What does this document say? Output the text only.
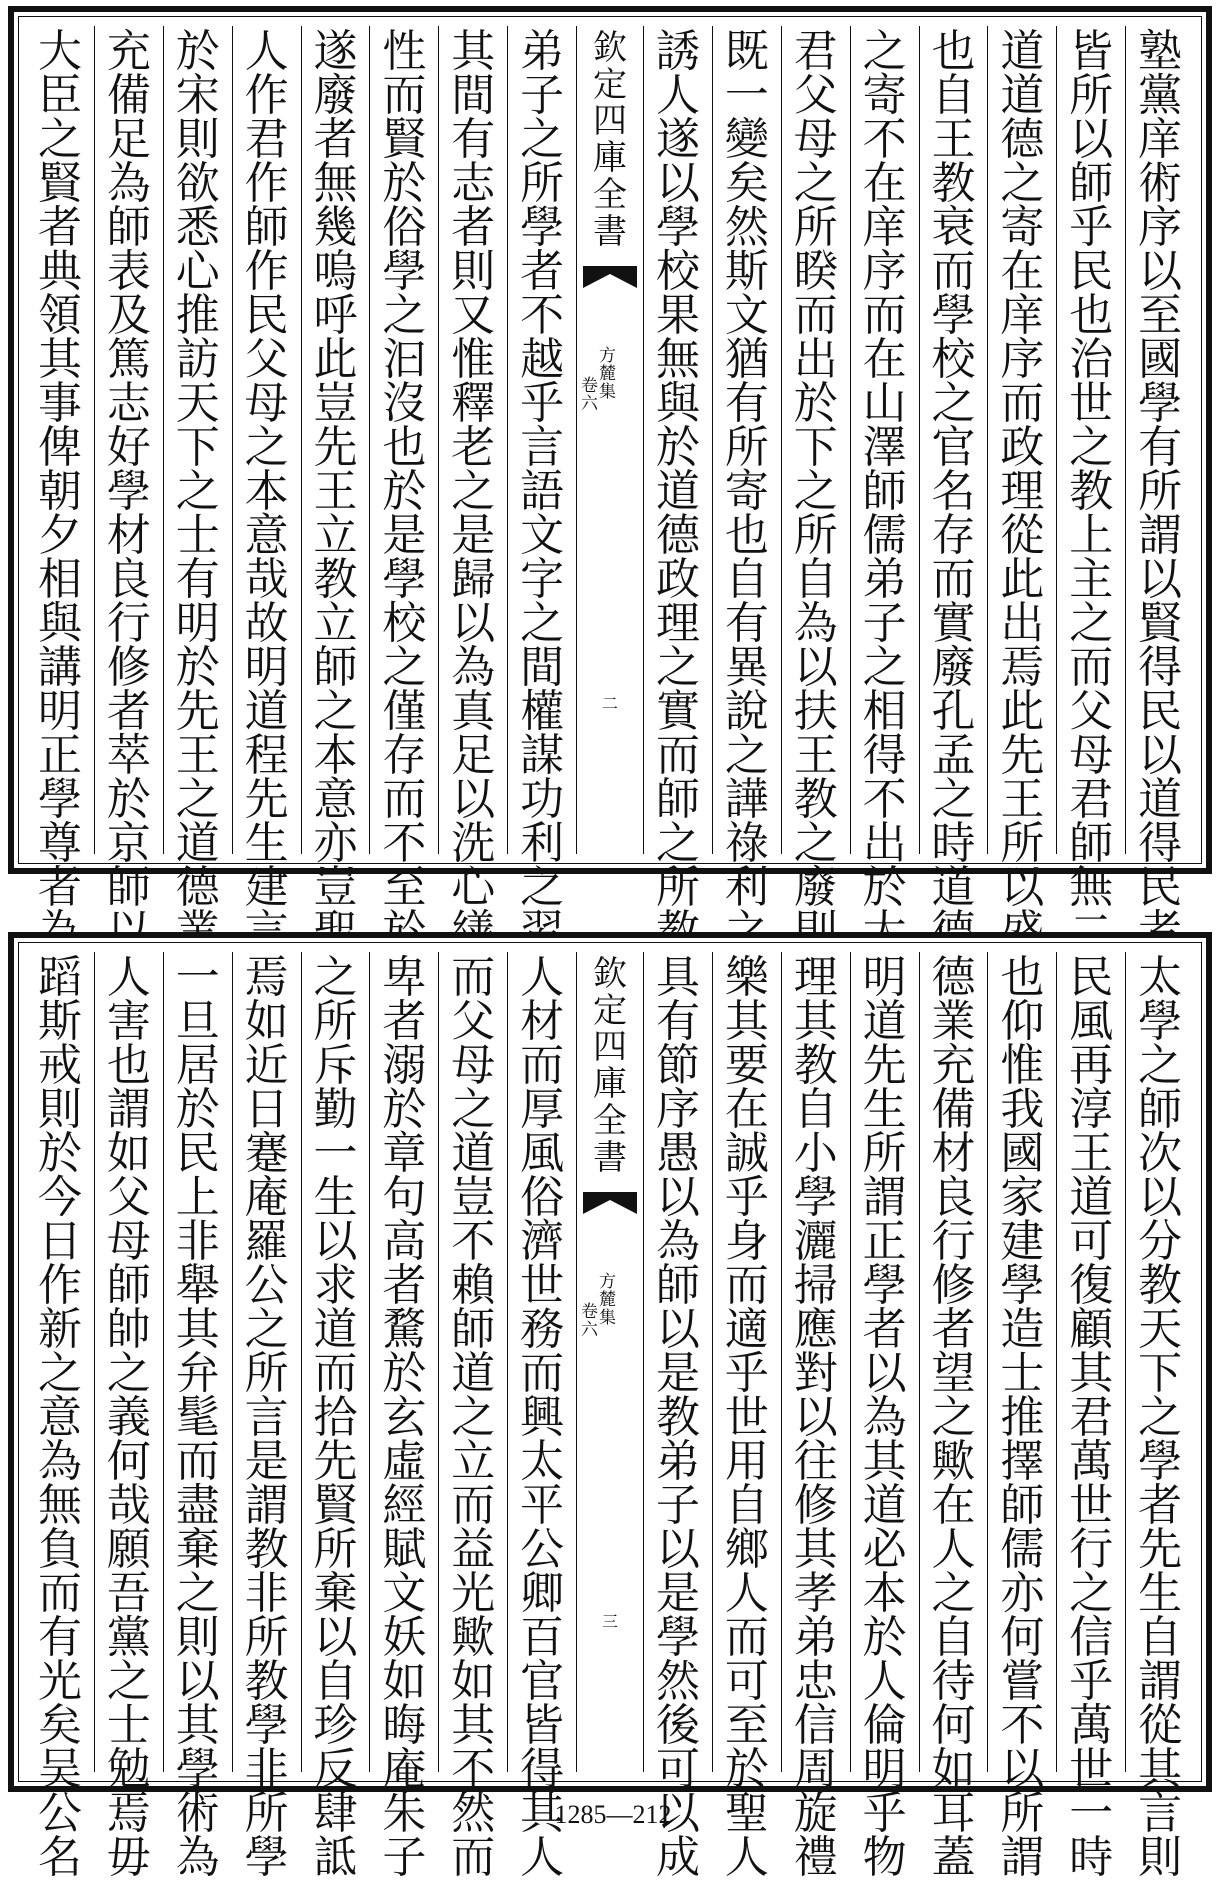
大
臣
之
賢
者
典
領
其
事
俾
朝
夕
相
與
講
明
正
學
尊
者
充
備
足
為
師
表
及
篤
志
好
學
材
良
行
修
者
萃
於
京
師
於
宋
則
欲
悉
心
推
訪
天
下
之
士
有
明
於
先
王
之
道
德
人
作
君
作
師
作
民
父
母
之
本
意
哉
故
明
道
程
先
生
建
遂
廢
者
無
幾
嗚
呼
此
豈
先
王
立
教
立
師
之
本
意
亦
豈
性
而
賢
於
俗
學
之
汩
沒
也
於
是
學
校
之
僅
存
而
不
至
其
間
有
志
者
則
又
惟
釋
老
之
是
歸
以
為
真
足
以
洗
心
弟
子
之
所
學
者
不
越
乎
言
語
文
字
之
間
權
謀
功
利
之
欽
定
四
庫
全
書
方
麓
集
卷
六
二
誘
人
遂
以
學
校
果
無
與
於
道
德
政
理
之
實
而
師
之
所
既
一
變
矣
然
斯
文
猶
有
所
寄
也
自
有
異
說
之
譁
祿
利
君
父
母
之
所
睽
而
出
於
下
之
所
自
為
以
扶
王
教
之
廢
之
寄
不
在
庠
序
而
在
山
澤
師
儒
弟
子
之
相
得
不
出
於
也
自
王
教
衰
而
學
校
之
官
名
存
而
實
廢
孔
孟
之
時
道
道
道
德
之
寄
在
庠
序
而
政
理
從
此
出
焉
此
先
王
所
以
皆
所
以
師
乎
民
也
治
世
之
教
上
主
之
而
父
母
君
師
無
塾
黨
庠
術
序
以
至
國
學
有
所
謂
以
賢
得
民
以
道
得
民
蹈
斯
戒
則
於
今
日
作
新
之
意
為
無
負
而
有
光
矣
吴
公
名
人
害
也
謂
如
父
母
師
帥
之
義
何
哉
願
吾
黨
之
士
勉
焉
毋
一
旦
居
於
民
上
非
舉
其
弁
髦
而
盡
棄
之
則
以
其
學
術
為
焉
如
近
日
蹇
庵
羅
公
之
所
言
是
謂
教
非
所
教
學
非
所
學
之
所
斥
勤
一
生
以
求
道
而
拾
先
賢
所
棄
以
自
珍
反
肆
詆
卑
者
溺
於
章
句
高
者
騖
於
玄
虛
經
賦
文
妖
如
晦
庵
朱
子
而
父
母
之
道
豈
不
賴
師
道
之
立
而
益
光
歟
如
其
不
然
而
人
材
而
厚
風
俗
濟
世
務
而
興
太
平
公
卿
百
官
皆
得
其
人
欽
定
四
庫
全
書
方
麓
集
卷
六
三
具
有
節
序
愚
以
為
師
以
是
教
弟
子
以
是
學
然
後
可
以
成
樂
其
要
在
誠
乎
身
而
適
乎
世
用
自
鄉
人
而
可
至
於
聖
人
理
其
教
自
小
學
灑
掃
應
對
以
往
修
其
孝
弟
忠
信
周
旋
禮
明
道
先
生
所
謂
正
學
者
以
為
其
道
必
本
於
人
倫
明
乎
物
德
業
充
備
材
良
行
修
者
望
之
歟
在
人
之
自
待
何
如
耳
蓋
也
仰
惟
我
國
家
建
學
造
士
推
擇
師
儒
亦
何
嘗
不
以
所
謂
民
風
再
淳
王
道
可
復
顧
其
君
萬
世
行
之
信
乎
萬
世
一
時
太
學
之
師
次
以
分
教
天
下
之
學
者
先
生
自
謂
從
其
言
則
1285—212
